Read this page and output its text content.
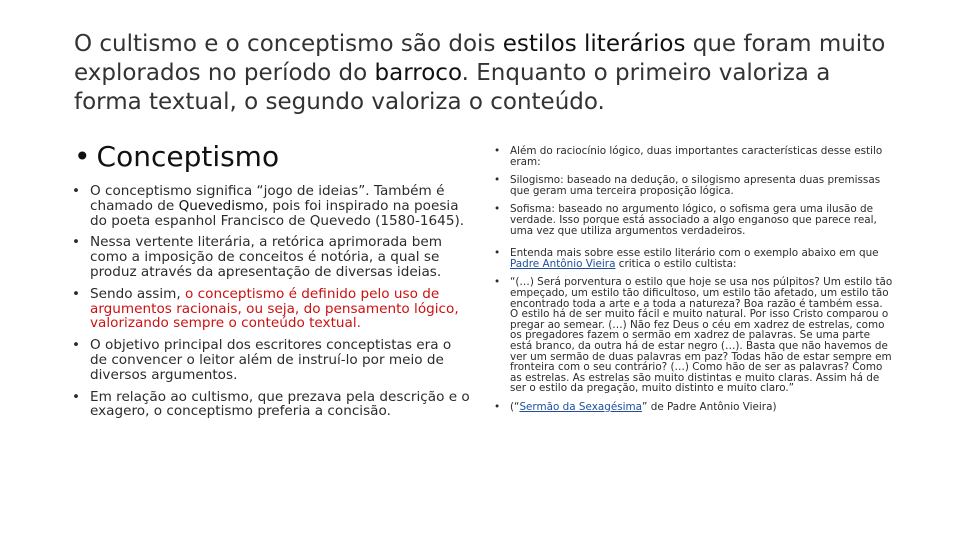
O cultismo e o conceptismo são dois estilos literários que foram muito explorados no período do barroco. Enquanto o primeiro valoriza a forma textual, o segundo valoriza o conteúdo.
• Conceptismo
• O conceptismo significa “jogo de ideias”. Também é chamado de Quevedismo, pois foi inspirado na poesia do poeta espanhol Francisco de Quevedo (1580-1645).
• Nessa vertente literária, a retórica aprimorada bem como a imposição de conceitos é notória, a qual se produz através da apresentação de diversas ideias.
• Sendo assim, o conceptismo é definido pelo uso de argumentos racionais, ou seja, do pensamento lógico, valorizando sempre o conteúdo textual.
• O objetivo principal dos escritores conceptistas era o de convencer o leitor além de instruí-lo por meio de diversos argumentos.
• Em relação ao cultismo, que prezava pela descrição e o exagero, o conceptismo preferia a concisão.
• Além do raciocínio lógico, duas importantes características desse estilo eram:
• Silogismo: baseado na dedução, o silogismo apresenta duas premissas que geram uma terceira proposição lógica.
• Sofisma: baseado no argumento lógico, o sofisma gera uma ilusão de verdade. Isso porque está associado a algo enganoso que parece real, uma vez que utiliza argumentos verdadeiros.
• Entenda mais sobre esse estilo literário com o exemplo abaixo em que Padre Antônio Vieira critica o estilo cultista:
• “(…) Será porventura o estilo que hoje se usa nos púlpitos? Um estilo tão empeçado, um estilo tão dificultoso, um estilo tão afetado, um estilo tão encontrado toda a arte e a toda a natureza? Boa razão é também essa. O estilo há de ser muito fácil e muito natural. Por isso Cristo comparou o pregar ao semear. (…) Não fez Deus o céu em xadrez de estrelas, como os pregadores fazem o sermão em xadrez de palavras. Se uma parte está branco, da outra há de estar negro (…). Basta que não havemos de ver um sermão de duas palavras em paz? Todas hão de estar sempre em fronteira com o seu contrário? (…) Como hão de ser as palavras? Como as estrelas. As estrelas são muito distintas e muito claras. Assim há de ser o estilo da pregação, muito distinto e muito claro.”
• (“Sermão da Sexagésima” de Padre Antônio Vieira)
